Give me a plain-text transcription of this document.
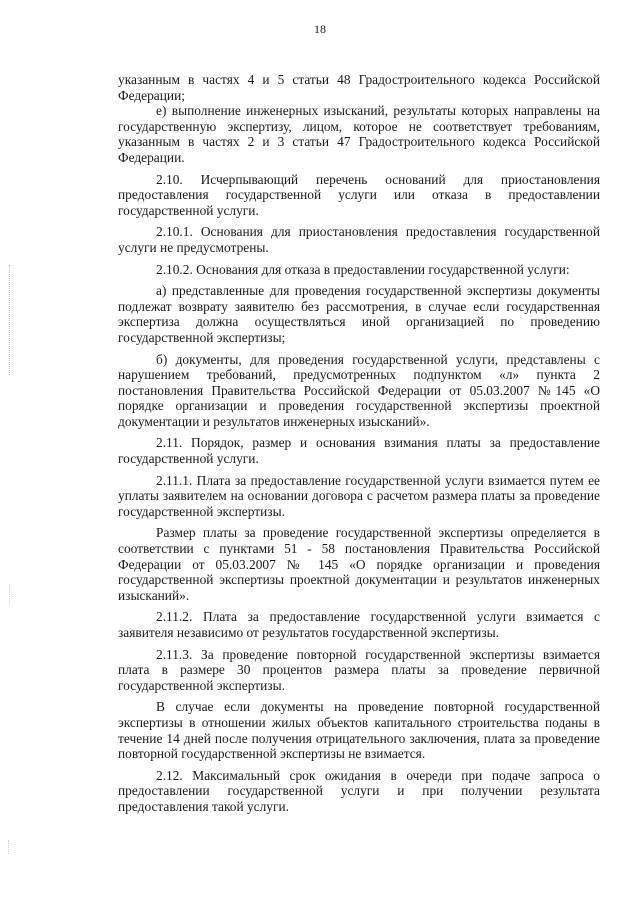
18

указанным в частях 4 и 5 статьи 48 Градостроительного кодекса Российской Федерации;

е) выполнение инженерных изысканий, результаты которых направлены на государственную экспертизу, лицом, которое не соответствует требованиям, указанным в частях 2 и 3 статьи 47 Градостроительного кодекса Российской Федерации.

2.10. Исчерпывающий перечень оснований для приостановления предоставления государственной услуги или отказа в предоставлении государственной услуги.

2.10.1. Основания для приостановления предоставления государственной услуги не предусмотрены.

2.10.2. Основания для отказа в предоставлении государственной услуги:

а) представленные для проведения государственной экспертизы документы подлежат возврату заявителю без рассмотрения, в случае если государственная экспертиза должна осуществляться иной организацией по проведению государственной экспертизы;

б) документы, для проведения государственной услуги, представлены с нарушением требований, предусмотренных подпунктом «л» пункта 2 постановления Правительства Российской Федерации от 05.03.2007 №145 «О порядке организации и проведения государственной экспертизы проектной документации и результатов инженерных изысканий».

2.11. Порядок, размер и основания взимания платы за предоставление государственной услуги.

2.11.1. Плата за предоставление государственной услуги взимается путем ее уплаты заявителем на основании договора с расчетом размера платы за проведение государственной экспертизы.

Размер платы за проведение государственной экспертизы определяется в соответствии с пунктами 51 - 58 постановления Правительства Российской Федерации от 05.03.2007 № 145 «О порядке организации и проведения государственной экспертизы проектной документации и результатов инженерных изысканий».

2.11.2. Плата за предоставление государственной услуги взимается с заявителя независимо от результатов государственной экспертизы.

2.11.3. За проведение повторной государственной экспертизы взимается плата в размере 30 процентов размера платы за проведение первичной государственной экспертизы.

В случае если документы на проведение повторной государственной экспертизы в отношении жилых объектов капитального строительства поданы в течение 14 дней после получения отрицательного заключения, плата за проведение повторной государственной экспертизы не взимается.

2.12. Максимальный срок ожидания в очереди при подаче запроса о предоставлении государственной услуги и при получении результата предоставления такой услуги.
